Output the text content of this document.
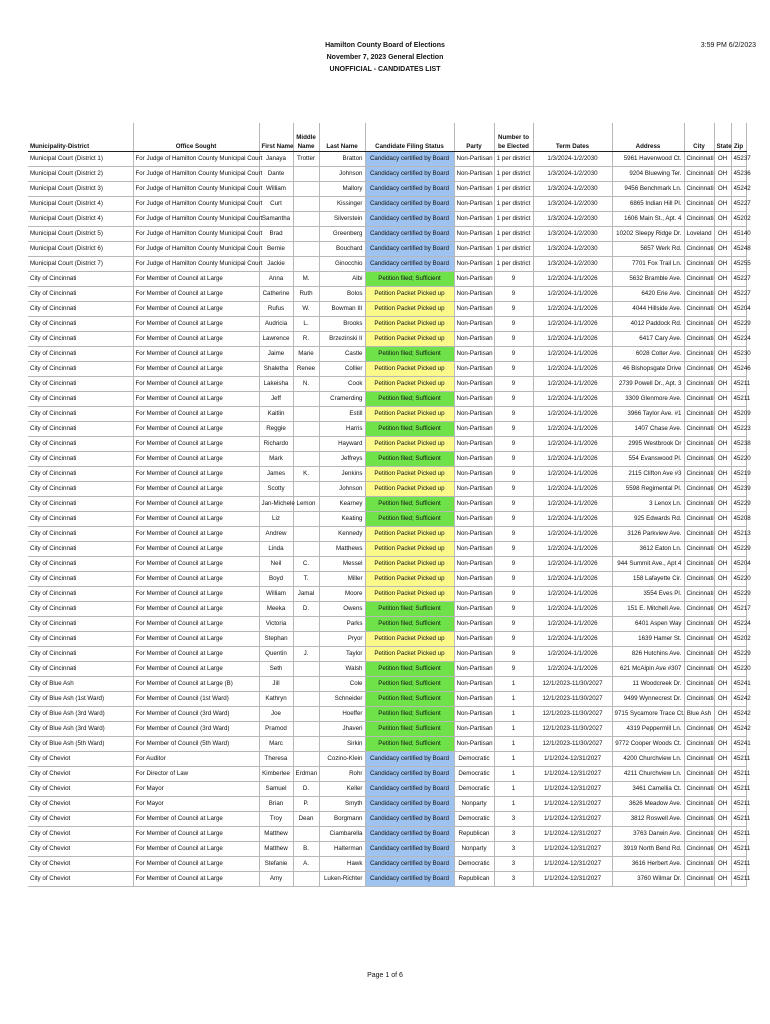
Hamilton County Board of Elections
November 7, 2023 General Election
UNOFFICIAL - CANDIDATES LIST
3:59 PM 6/2/2023
Municipality-District	Office Sought	First Name	Middle Name	Last Name	Candidate Filing Status	Party	Number to be Elected	Term Dates	Address	City	State	Zip
Municipal Court (District 1)	For Judge of Hamilton County Municipal Court	Janaya	Trotter	Bratton	Candidacy certified by Board	Non-Partisan	1 per district	1/3/2024-1/2/2030	5961 Havenwood Ct.	Cincinnati	OH	45237
Municipal Court (District 2)	For Judge of Hamilton County Municipal Court	Dante		Johnson	Candidacy certified by Board	Non-Partisan	1 per district	1/3/2024-1/2/2030	9204 Bluewing Ter.	Cincinnati	OH	45236
Municipal Court (District 3)	For Judge of Hamilton County Municipal Court	William		Mallory	Candidacy certified by Board	Non-Partisan	1 per district	1/3/2024-1/2/2030	9456 Benchmark Ln.	Cincinnati	OH	45242
Municipal Court (District 4)	For Judge of Hamilton County Municipal Court	Curt		Kissinger	Candidacy certified by Board	Non-Partisan	1 per district	1/3/2024-1/2/2030	6865 Indian Hill Pl.	Cincinnati	OH	45227
Municipal Court (District 4)	For Judge of Hamilton County Municipal Court	Samantha		Silverstein	Candidacy certified by Board	Non-Partisan	1 per district	1/3/2024-1/2/2030	1606 Main St., Apt. 4	Cincinnati	OH	45202
Municipal Court (District 5)	For Judge of Hamilton County Municipal Court	Brad		Greenberg	Candidacy certified by Board	Non-Partisan	1 per district	1/3/2024-1/2/2030	10202 Sleepy Ridge Dr.	Loveland	OH	45140
Municipal Court (District 6)	For Judge of Hamilton County Municipal Court	Bernie		Bouchard	Candidacy certified by Board	Non-Partisan	1 per district	1/3/2024-1/2/2030	5657 Werk Rd.	Cincinnati	OH	45248
Municipal Court (District 7)	For Judge of Hamilton County Municipal Court	Jackie		Ginocchio	Candidacy certified by Board	Non-Partisan	1 per district	1/3/2024-1/2/2030	7701 Fox Trail Ln.	Cincinnati	OH	45255
City of Cincinnati	For Member of Council at Large	Anna	M.	Albi	Petition filed; Sufficient	Non-Partisan	9	1/2/2024-1/1/2026	5632 Bramble Ave.	Cincinnati	OH	45227
City of Cincinnati	For Member of Council at Large	Catherine	Ruth	Bolos	Petition Packet Picked up	Non-Partisan	9	1/2/2024-1/1/2026	6420 Erie Ave.	Cincinnati	OH	45227
City of Cincinnati	For Member of Council at Large	Rufus	W.	Bowman III	Petition Packet Picked up	Non-Partisan	9	1/2/2024-1/1/2026	4044 Hillside Ave.	Cincinnati	OH	45204
City of Cincinnati	For Member of Council at Large	Audricia	L.	Brooks	Petition Packet Picked up	Non-Partisan	9	1/2/2024-1/1/2026	4012 Paddock Rd.	Cincinnati	OH	45229
City of Cincinnati	For Member of Council at Large	Lawrence	R.	Brzezinski II	Petition Packet Picked up	Non-Partisan	9	1/2/2024-1/1/2026	6417 Cary Ave.	Cincinnati	OH	45224
City of Cincinnati	For Member of Council at Large	Jaime	Marie	Castle	Petition filed; Sufficient	Non-Partisan	9	1/2/2024-1/1/2026	6028 Colter Ave.	Cincinnati	OH	45230
City of Cincinnati	For Member of Council at Large	Shaletha	Renee	Collier	Petition Packet Picked up	Non-Partisan	9	1/2/2024-1/1/2026	46 Bishopsgate Drive	Cincinnati	OH	45246
City of Cincinnati	For Member of Council at Large	Lakeisha	N.	Cook	Petition Packet Picked up	Non-Partisan	9	1/2/2024-1/1/2026	2739 Powell Dr., Apt. 3	Cincinnati	OH	45211
City of Cincinnati	For Member of Council at Large	Jeff		Cramerding	Petition filed; Sufficient	Non-Partisan	9	1/2/2024-1/1/2026	3309 Glenmore Ave.	Cincinnati	OH	45211
City of Cincinnati	For Member of Council at Large	Kaitlin		Estill	Petition Packet Picked up	Non-Partisan	9	1/2/2024-1/1/2026	3966 Taylor Ave. #1	Cincinnati	OH	45209
City of Cincinnati	For Member of Council at Large	Reggie		Harris	Petition filed; Sufficient	Non-Partisan	9	1/2/2024-1/1/2026	1407 Chase Ave.	Cincinnati	OH	45223
City of Cincinnati	For Member of Council at Large	Richardo		Hayward	Petition Packet Picked up	Non-Partisan	9	1/2/2024-1/1/2026	2995 Westbrook Dr	Cincinnati	OH	45238
City of Cincinnati	For Member of Council at Large	Mark		Jeffreys	Petition filed; Sufficient	Non-Partisan	9	1/2/2024-1/1/2026	554 Evanswood Pl.	Cincinnati	OH	45220
City of Cincinnati	For Member of Council at Large	James	K.	Jenkins	Petition Packet Picked up	Non-Partisan	9	1/2/2024-1/1/2026	2115 Clifton Ave #3	Cincinnati	OH	45219
City of Cincinnati	For Member of Council at Large	Scotty		Johnson	Petition Packet Picked up	Non-Partisan	9	1/2/2024-1/1/2026	5598 Regimental Pl.	Cincinnati	OH	45239
City of Cincinnati	For Member of Council at Large	Jan-Michele	Lemon	Kearney	Petition filed; Sufficient	Non-Partisan	9	1/2/2024-1/1/2026	3 Lenox Ln.	Cincinnati	OH	45229
City of Cincinnati	For Member of Council at Large	Liz		Keating	Petition filed; Sufficient	Non-Partisan	9	1/2/2024-1/1/2026	925 Edwards Rd.	Cincinnati	OH	45208
City of Cincinnati	For Member of Council at Large	Andrew		Kennedy	Petition Packet Picked up	Non-Partisan	9	1/2/2024-1/1/2026	3126 Parkview Ave.	Cincinnati	OH	45213
City of Cincinnati	For Member of Council at Large	Linda		Matthews	Petition Packet Picked up	Non-Partisan	9	1/2/2024-1/1/2026	3612 Eaton Ln.	Cincinnati	OH	45229
City of Cincinnati	For Member of Council at Large	Neil	C.	Messel	Petition Packet Picked up	Non-Partisan	9	1/2/2024-1/1/2026	944 Summit Ave., Apt 4	Cincinnati	OH	45204
City of Cincinnati	For Member of Council at Large	Boyd	T.	Miller	Petition Packet Picked up	Non-Partisan	9	1/2/2024-1/1/2026	158 Lafayette Cir.	Cincinnati	OH	45220
City of Cincinnati	For Member of Council at Large	William	Jamal	Moore	Petition Packet Picked up	Non-Partisan	9	1/2/2024-1/1/2026	3554 Eves Pl.	Cincinnati	OH	45229
City of Cincinnati	For Member of Council at Large	Meeka	D.	Owens	Petition filed; Sufficient	Non-Partisan	9	1/2/2024-1/1/2026	151 E. Mitchell Ave.	Cincinnati	OH	45217
City of Cincinnati	For Member of Council at Large	Victoria		Parks	Petition filed; Sufficient	Non-Partisan	9	1/2/2024-1/1/2026	6401 Aspen Way	Cincinnati	OH	45224
City of Cincinnati	For Member of Council at Large	Stephan		Pryor	Petition Packet Picked up	Non-Partisan	9	1/2/2024-1/1/2026	1639 Hamer St.	Cincinnati	OH	45202
City of Cincinnati	For Member of Council at Large	Quentin	J.	Taylor	Petition Packet Picked up	Non-Partisan	9	1/2/2024-1/1/2026	826 Hutchins Ave.	Cincinnati	OH	45229
City of Cincinnati	For Member of Council at Large	Seth		Walsh	Petition filed; Sufficient	Non-Partisan	9	1/2/2024-1/1/2026	621 McAlpin Ave #307	Cincinnati	OH	45220
City of Blue Ash	For Member of Council at Large (B)	Jill		Cole	Petition filed; Sufficient	Non-Partisan	1	12/1/2023-11/30/2027	11 Woodcreek Dr.	Cincinnati	OH	45241
City of Blue Ash (1st Ward)	For Member of Council (1st Ward)	Kathryn		Schneider	Petition filed; Sufficient	Non-Partisan	1	12/1/2023-11/30/2027	9499 Wynnecrest Dr.	Cincinnati	OH	45242
City of Blue Ash (3rd Ward)	For Member of Council (3rd Ward)	Joe		Hoeffer	Petition filed; Sufficient	Non-Partisan	1	12/1/2023-11/30/2027	9715 Sycamore Trace Ct.	Blue Ash	OH	45242
City of Blue Ash (3rd Ward)	For Member of Council (3rd Ward)	Pramod		Jhaveri	Petition filed; Sufficient	Non-Partisan	1	12/1/2023-11/30/2027	4319 Peppermill Ln.	Cincinnati	OH	45242
City of Blue Ash (5th Ward)	For Member of Council (5th Ward)	Marc		Sirkin	Petition filed; Sufficient	Non-Partisan	1	12/1/2023-11/30/2027	9772 Cooper Woods Ct.	Cincinnati	OH	45241
City of Cheviot	For Auditor	Theresa		Cozino-Klein	Candidacy certified by Board	Democratic	1	1/1/2024-12/31/2027	4200 Churchview Ln.	Cincinnati	OH	45211
City of Cheviot	For Director of Law	Kimberlee	Erdman	Rohr	Candidacy certified by Board	Democratic	1	1/1/2024-12/31/2027	4211 Churchview Ln.	Cincinnati	OH	45211
City of Cheviot	For Mayor	Samuel	D.	Keller	Candidacy certified by Board	Democratic	1	1/1/2024-12/31/2027	3461 Camellia Ct.	Cincinnati	OH	45211
City of Cheviot	For Mayor	Brian	P.	Smyth	Candidacy certified by Board	Nonparty	1	1/1/2024-12/31/2027	3626 Meadow Ave.	Cincinnati	OH	45211
City of Cheviot	For Member of Council at Large	Troy	Dean	Borgmann	Candidacy certified by Board	Democratic	3	1/1/2024-12/31/2027	3812 Roswell Ave.	Cincinnati	OH	45211
City of Cheviot	For Member of Council at Large	Matthew		Ciambarella	Candidacy certified by Board	Republican	3	1/1/2024-12/31/2027	3763 Darwin Ave.	Cincinnati	OH	45211
City of Cheviot	For Member of Council at Large	Matthew	B.	Halterman	Candidacy certified by Board	Nonparty	3	1/1/2024-12/31/2027	3919 North Bend Rd.	Cincinnati	OH	45211
City of Cheviot	For Member of Council at Large	Stefanie	A.	Hawk	Candidacy certified by Board	Democratic	3	1/1/2024-12/31/2027	3616 Herbert Ave.	Cincinnati	OH	45211
City of Cheviot	For Member of Council at Large	Amy		Luken-Richter	Candidacy certified by Board	Republican	3	1/1/2024-12/31/2027	3760 Wilmar Dr.	Cincinnati	OH	45211
Page 1 of 6
